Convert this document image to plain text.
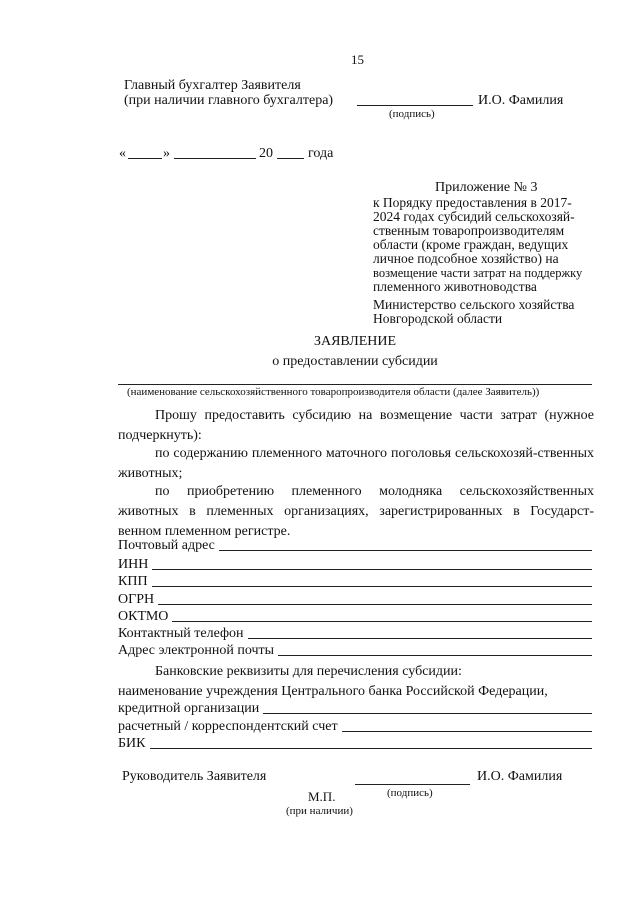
15
Главный бухгалтер Заявителя
(при наличии главного бухгалтера)	И.О. Фамилия
(подпись)
«	»	20	года
Приложение № 3
к Порядку предоставления в 2017-
2024 годах субсидий сельскохозяй-
ственным товаропроизводителям
области (кроме граждан, ведущих
личное подсобное хозяйство) на
возмещение части затрат на поддержку
племенного животноводства
Министерство сельского хозяйства
Новгородской области
ЗАЯВЛЕНИЕ
о предоставлении субсидии
(наименование сельскохозяйственного товаропроизводителя области (далее Заявитель))
Прошу предоставить субсидию на возмещение части затрат (нужное подчеркнуть):
по содержанию племенного маточного поголовья сельскохозяй-ственных животных;
по приобретению племенного молодняка сельскохозяйственных животных в племенных организациях, зарегистрированных в Государст-венном племенном регистре.
Почтовый адрес
ИНН
КПП
ОГРН
ОКТМО
Контактный телефон
Адрес электронной почты
Банковские реквизиты для перечисления субсидии:
наименование учреждения Центрального банка Российской Федерации,
кредитной организации
расчетный / корреспондентский счет
БИК
Руководитель Заявителя	И.О. Фамилия
(подпись)
М.П.
(при наличии)
